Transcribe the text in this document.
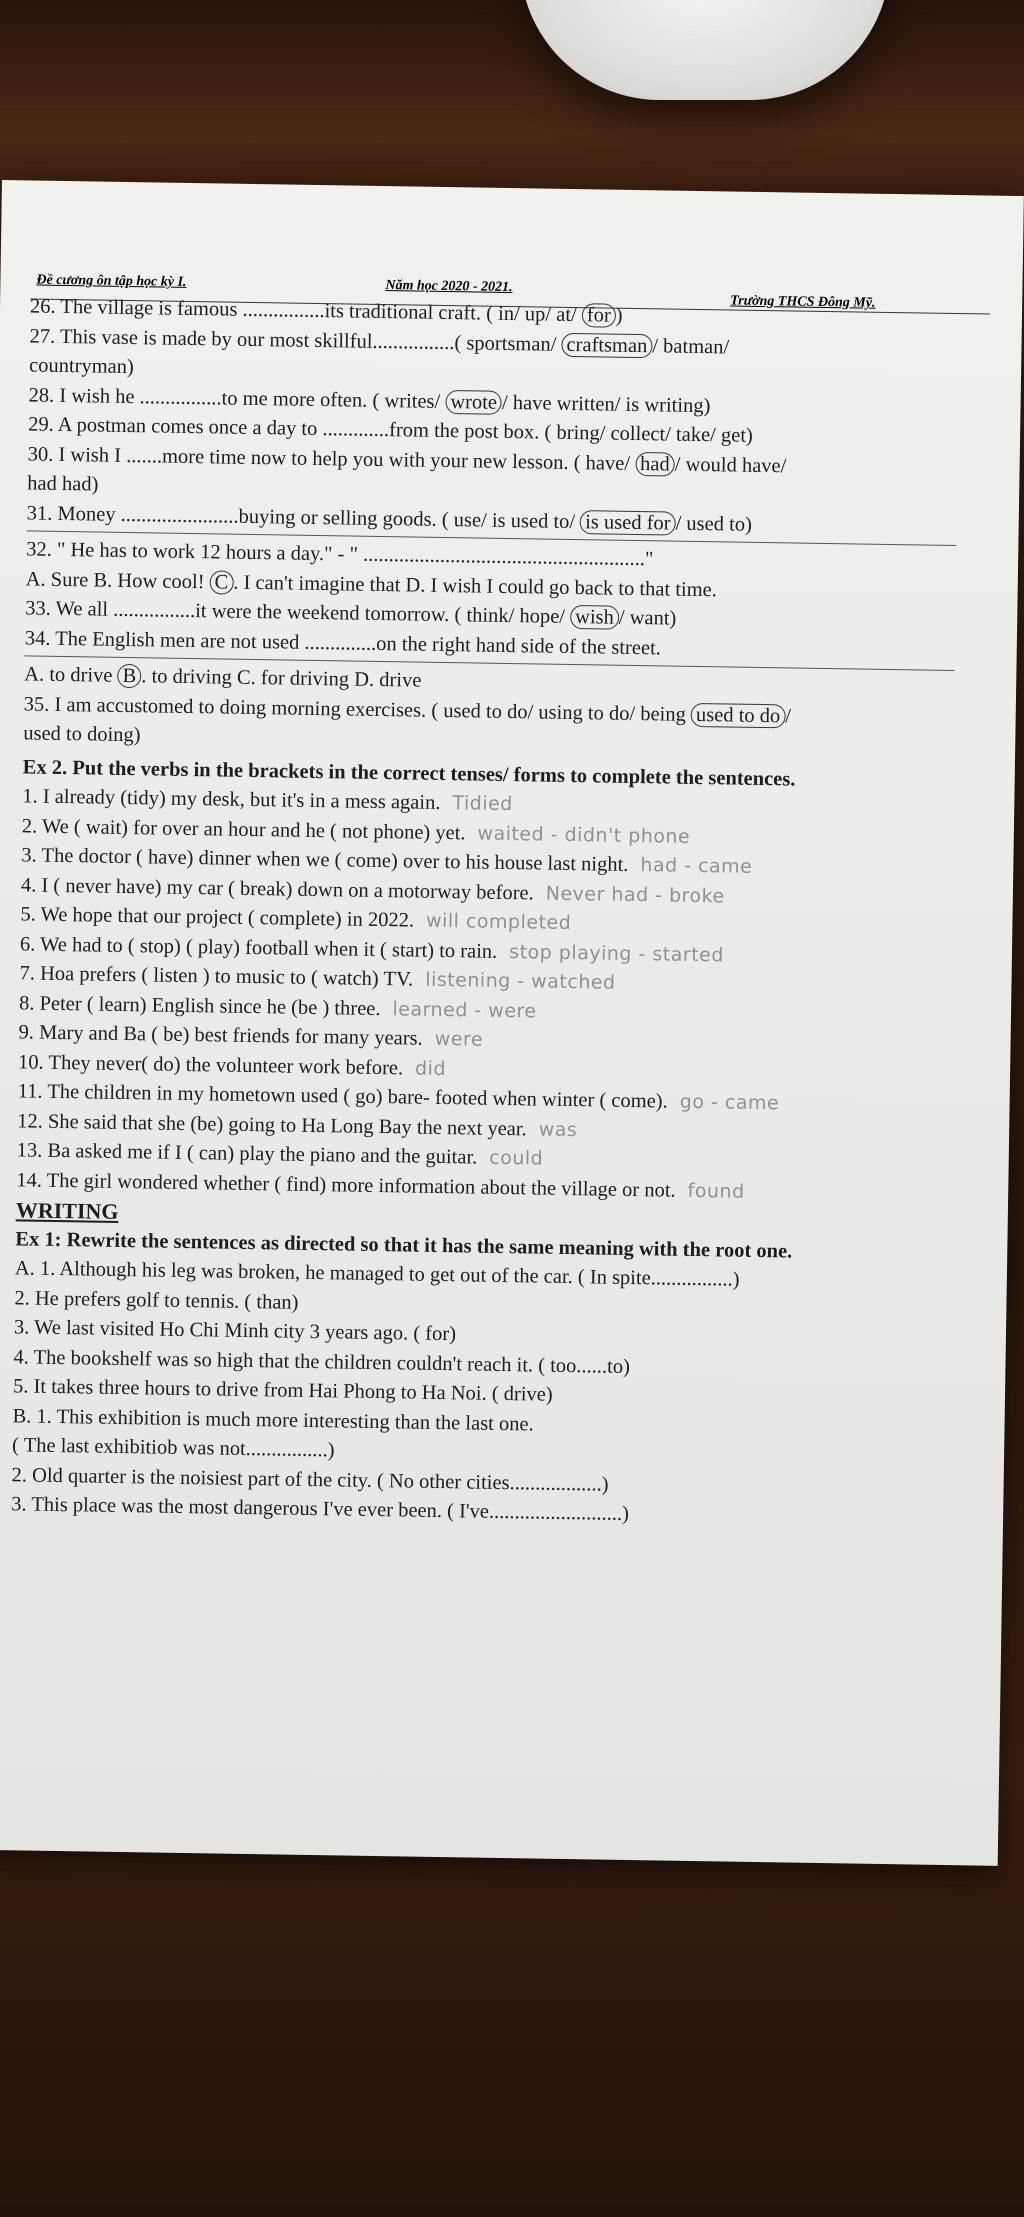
Đề cương ôn tập học kỳ I.	Năm học 2020 - 2021.
Trường THCS Đông Mỹ.
26. The village is famous ................its traditional craft. ( in/ up/ at/ for )
27. This vase is made by our most skillful................( sportsman/ craftsman / batman/
countryman)
28. I wish he ................to me more often. ( writes/ wrote / have written/ is writing)
29. A postman comes once a day to .............from the post box. ( bring/ collect/ take/ get)
30. I wish I .......more time now to help you with your new lesson. ( have/ had / would have/
had had)
31. Money .......................buying or selling goods. ( use/ is used to/ is used for / used to)
32. " He has to work 12 hours a day." - " ......................................................."
A. Sure B. How cool! C . I can't imagine that D. I wish I could go back to that time.
33. We all ................it were the weekend tomorrow. ( think/ hope/ wish / want)
34. The English men are not used ..............on the right hand side of the street.
A. to drive B . to driving C. for driving D. drive
35. I am accustomed to doing morning exercises. ( used to do/ using to do/ being used to do /
used to doing)
Ex 2. Put the verbs in the brackets in the correct tenses/ forms to complete the sentences.
1. I already (tidy) my desk, but it's in a mess again. Tidied
2. We ( wait) for over an hour and he ( not phone) yet. waited - didn't phone
3. The doctor ( have) dinner when we ( come) over to his house last night. had - came
4. I ( never have) my car ( break) down on a motorway before. Never had - broke
5. We hope that our project ( complete) in 2022. will completed
6. We had to ( stop) ( play) football when it ( start) to rain. stop playing - started
7. Hoa prefers ( listen ) to music to ( watch) TV. listening - watched
8. Peter ( learn) English since he (be ) three. learned - were
9. Mary and Ba ( be) best friends for many years. were
10. They never( do) the volunteer work before. did
11. The children in my hometown used ( go) bare- footed when winter ( come). go - came
12. She said that she (be) going to Ha Long Bay the next year. was
13. Ba asked me if I ( can) play the piano and the guitar. could
14. The girl wondered whether ( find) more information about the village or not. found
WRITING
Ex 1: Rewrite the sentences as directed so that it has the same meaning with the root one.
A. 1. Although his leg was broken, he managed to get out of the car. ( In spite................)
2. He prefers golf to tennis. ( than)
3. We last visited Ho Chi Minh city 3 years ago. ( for)
4. The bookshelf was so high that the children couldn't reach it. ( too......to)
5. It takes three hours to drive from Hai Phong to Ha Noi. ( drive)
B. 1. This exhibition is much more interesting than the last one.
( The last exhibitiob was not................)
2. Old quarter is the noisiest part of the city. ( No other cities..................)
3. This place was the most dangerous I've ever been. ( I've..........................)
